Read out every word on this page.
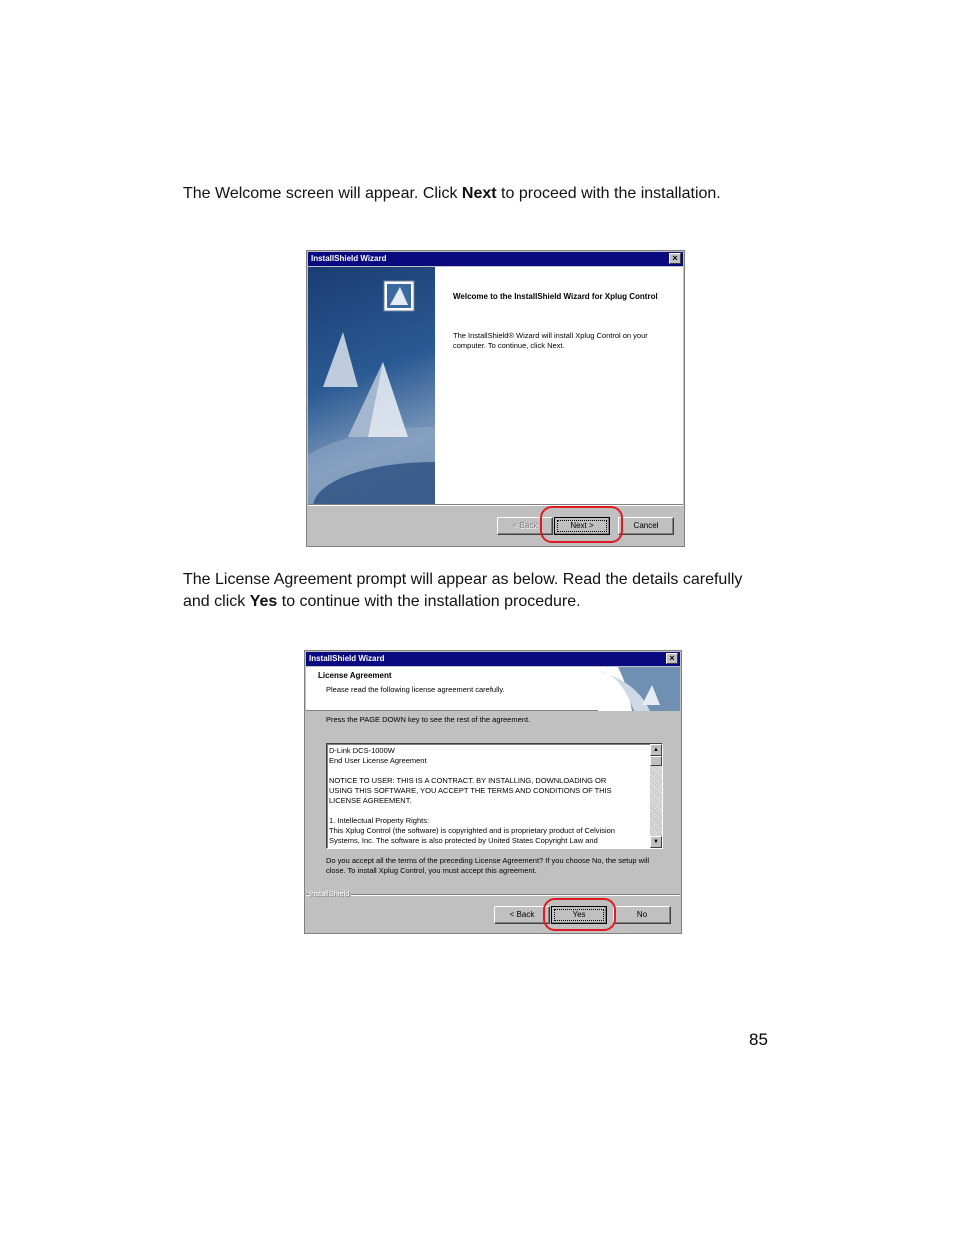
The Welcome screen will appear. Click Next to proceed with the installation.

InstallShield Wizard	×
Welcome to the InstallShield Wizard for Xplug Control
The InstallShield® Wizard will install Xplug Control on your computer. To continue, click Next.
< Back	Next >	Cancel

The License Agreement prompt will appear as below. Read the details carefully and click Yes to continue with the installation procedure.

InstallShield Wizard	×
License Agreement
Please read the following license agreement carefully.
Press the PAGE DOWN key to see the rest of the agreement.
D-Link DCS-1000W
End User License Agreement
NOTICE TO USER: THIS IS A CONTRACT. BY INSTALLING, DOWNLOADING OR
USING THIS SOFTWARE, YOU ACCEPT THE TERMS AND CONDITIONS OF THIS
LICENSE AGREEMENT.
1. Intellectual Property Rights:
This Xplug Control (the software) is copyrighted and is proprietary product of Celvision
Systems, Inc. The software is also protected by United States Copyright Law and
▲
▼
Do you accept all the terms of the preceding License Agreement? If you choose No, the setup will close. To install Xplug Control, you must accept this agreement.
InstallShield
< Back	Yes	No
85
